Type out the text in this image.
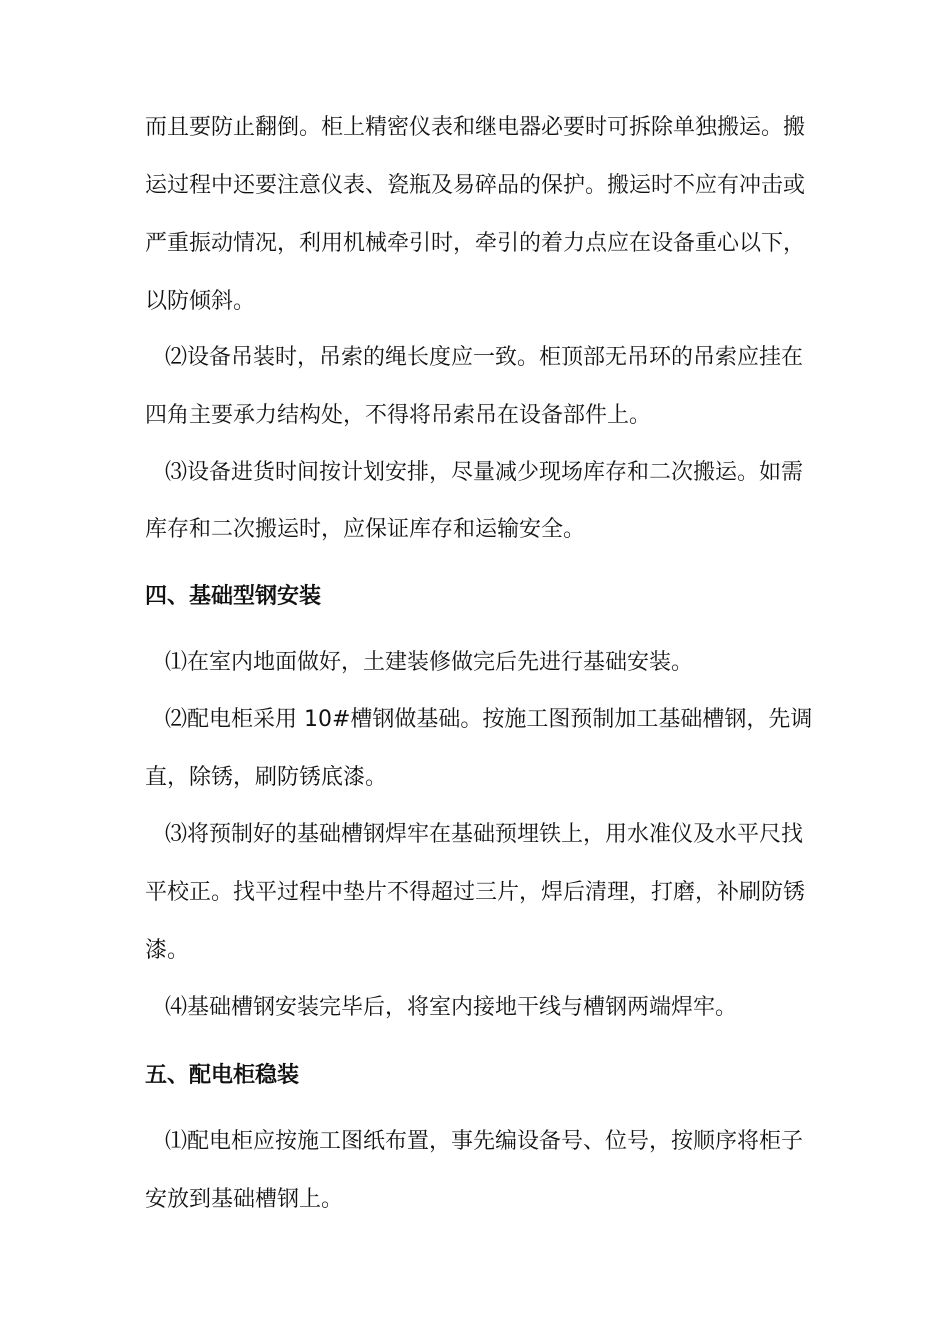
而且要防止翻倒。柜上精密仪表和继电器必要时可拆除单独搬运。搬
运过程中还要注意仪表、瓷瓶及易碎品的保护。搬运时不应有冲击或
严重振动情况，利用机械牵引时，牵引的着力点应在设备重心以下，
以防倾斜。
⑵设备吊装时，吊索的绳长度应一致。柜顶部无吊环的吊索应挂在
四角主要承力结构处，不得将吊索吊在设备部件上。
⑶设备进货时间按计划安排，尽量减少现场库存和二次搬运。如需
库存和二次搬运时，应保证库存和运输安全。
四、基础型钢安装
⑴在室内地面做好，土建装修做完后先进行基础安装。
⑵配电柜采用 10#槽钢做基础。按施工图预制加工基础槽钢，先调
直，除锈，刷防锈底漆。
⑶将预制好的基础槽钢焊牢在基础预埋铁上，用水准仪及水平尺找
平校正。找平过程中垫片不得超过三片，焊后清理，打磨，补刷防锈
漆。
⑷基础槽钢安装完毕后，将室内接地干线与槽钢两端焊牢。
五、配电柜稳装
⑴配电柜应按施工图纸布置，事先编设备号、位号，按顺序将柜子
安放到基础槽钢上。
